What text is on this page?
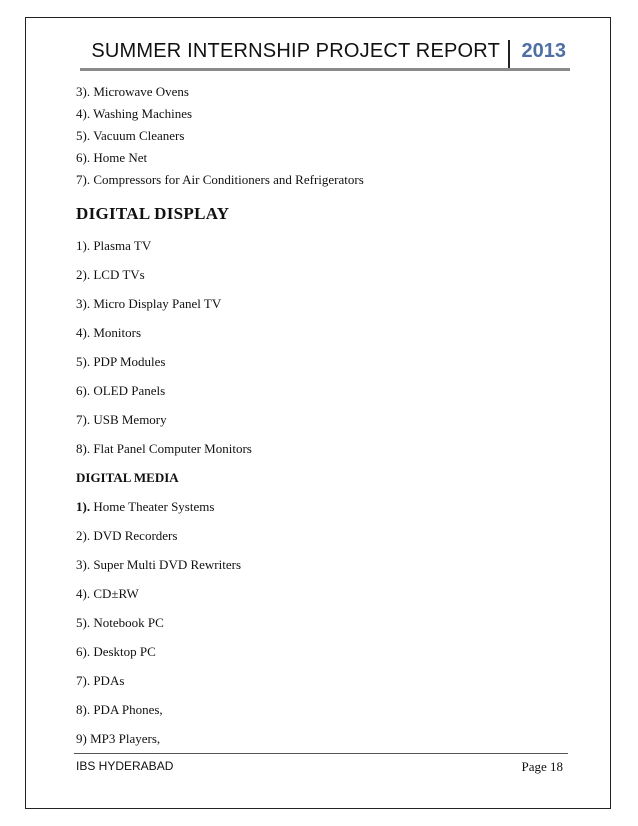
SUMMER INTERNSHIP PROJECT REPORT 2013
3). Microwave Ovens
4). Washing Machines
5). Vacuum Cleaners
6). Home Net
7). Compressors for Air Conditioners and Refrigerators
DIGITAL DISPLAY
1). Plasma TV
2). LCD TVs
3). Micro Display Panel TV
4). Monitors
5). PDP Modules
6). OLED Panels
7). USB Memory
8). Flat Panel Computer Monitors
DIGITAL MEDIA
1). Home Theater Systems
2). DVD Recorders
3). Super Multi DVD Rewriters
4). CD±RW
5). Notebook PC
6). Desktop PC
7). PDAs
8). PDA Phones,
9) MP3 Players,
IBS HYDERABAD	Page 18
